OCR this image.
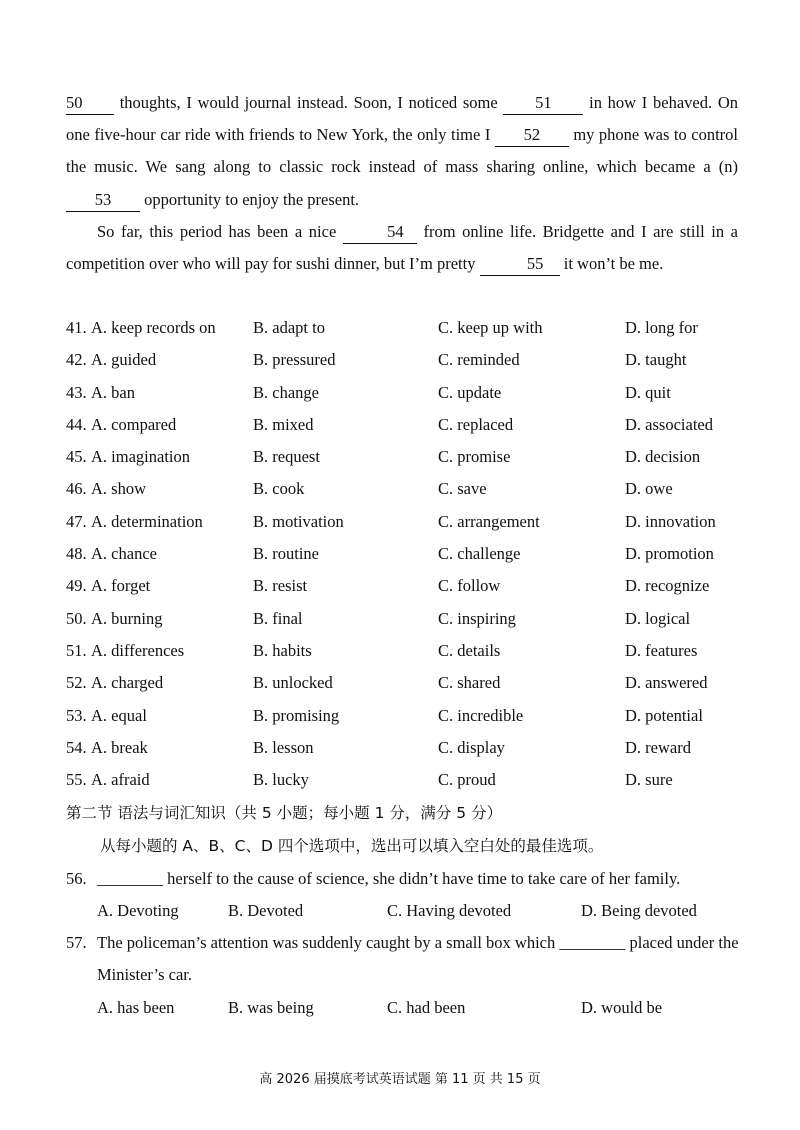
50 thoughts, I would journal instead. Soon, I noticed some 51 in how I behaved. On one five-hour car ride with friends to New York, the only time I 52 my phone was to control the music. We sang along to classic rock instead of mass sharing online, which became a (n) 53 opportunity to enjoy the present.

So far, this period has been a nice	54 from online life. Bridgette and I are still in a competition over who will pay for sushi dinner, but I’m pretty	55 it won’t be me.

41. A. keep records on B. adapt to	C. keep up with	D. long for
42. A. guided	B. pressured	C. reminded	D. taught
43. A. ban	B. change	C. update	D. quit
44. A. compared	B. mixed	C. replaced	D. associated
45. A. imagination	B. request	C. promise	D. decision
46. A. show	B. cook	C. save	D. owe
47. A. determination	B. motivation	C. arrangement	D. innovation
48. A. chance	B. routine	C. challenge	D. promotion
49. A. forget	B. resist	C. follow	D. recognize
50. A. burning	B. final	C. inspiring	D. logical
51. A. differences	B. habits	C. details	D. features
52. A. charged	B. unlocked	C. shared	D. answered
53. A. equal	B. promising	C. incredible	D. potential
54. A. break	B. lesson	C. display	D. reward
55. A. afraid	B. lucky	C. proud	D. sure
第二节 语法与词汇知识（共 5 小题；每小题 1 分，满分 5 分）
从每小题的 A、B、C、D 四个选项中，选出可以填入空白处的最佳选项。
56. ________ herself to the cause of science, she didn’t have time to take care of her family.
A. Devoting	B. Devoted	C. Having devoted	D. Being devoted
57. The policeman’s attention was suddenly caught by a small box which ________ placed under the Minister’s car.
A. has been	B. was being	C. had been	D. would be
高 2026 届摸底考试英语试题 第 11 页 共 15 页
